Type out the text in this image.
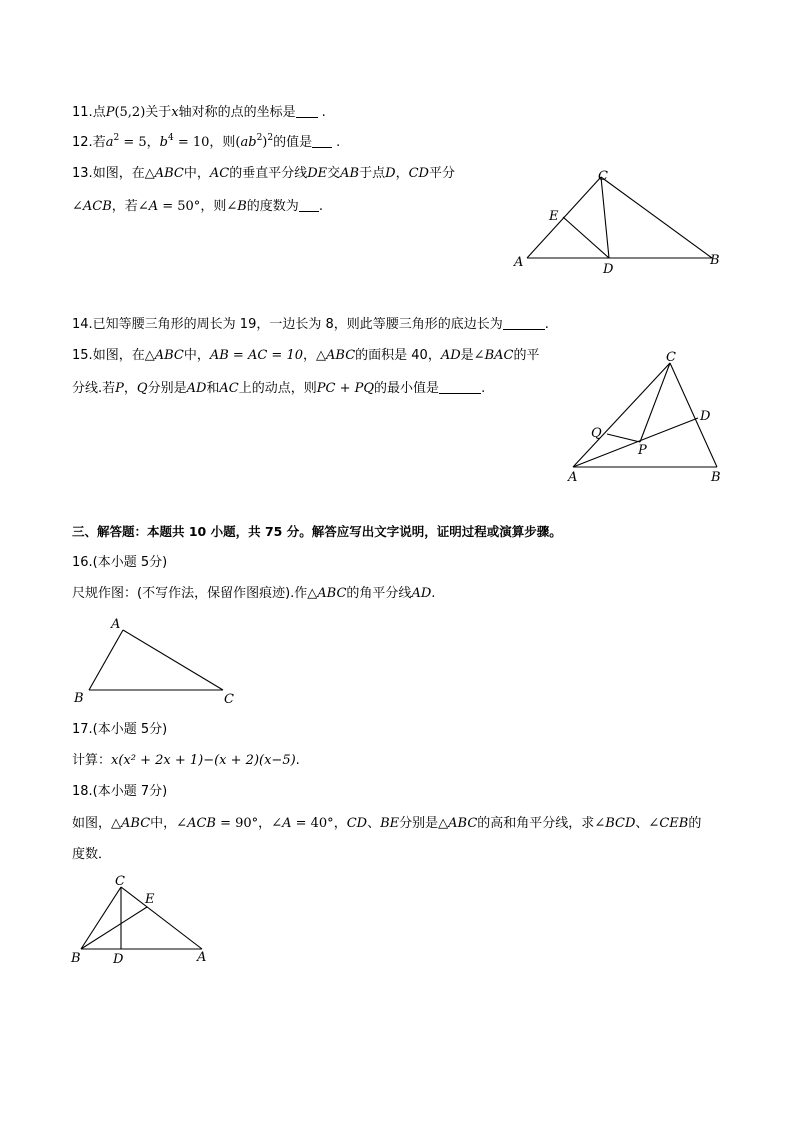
11.点P(5,2)关于x轴对称的点的坐标是 .
12.若$a^2 = 5$，$b^4 = 10$，则$(ab^2)^2$的值是 .
13.如图，在△ABC中，AC的垂直平分线DE交AB于点D，CD平分
∠ACB，若∠A = 50°，则∠B的度数为 .
A	B
C
D
E
14.已知等腰三角形的周长为 19，一边长为 8，则此等腰三角形的底边长为	.
15.如图，在△ABC中，AB = AC = 10，△ABC的面积是 40，AD是∠BAC的平
分线.若P，Q分别是AD和AC上的动点，则PC + PQ的最小值是	.
A	B
C
D
P
Q
三、解答题：本题共 10 小题，共 75 分。解答应写出文字说明，证明过程或演算步骤。
16.(本小题 5分)
尺规作图：(不写作法，保留作图痕迹).作△ABC的角平分线AD.
A
B	C
17.(本小题 5分)
计算：x(x² + 2x + 1)−(x + 2)(x−5).
18.(本小题 7分)
如图，△ABC中，∠ACB = 90°，∠A = 40°，CD、BE分别是△ABC的高和角平分线，求∠BCD、∠CEB的
度数．
C
E
B D	A
